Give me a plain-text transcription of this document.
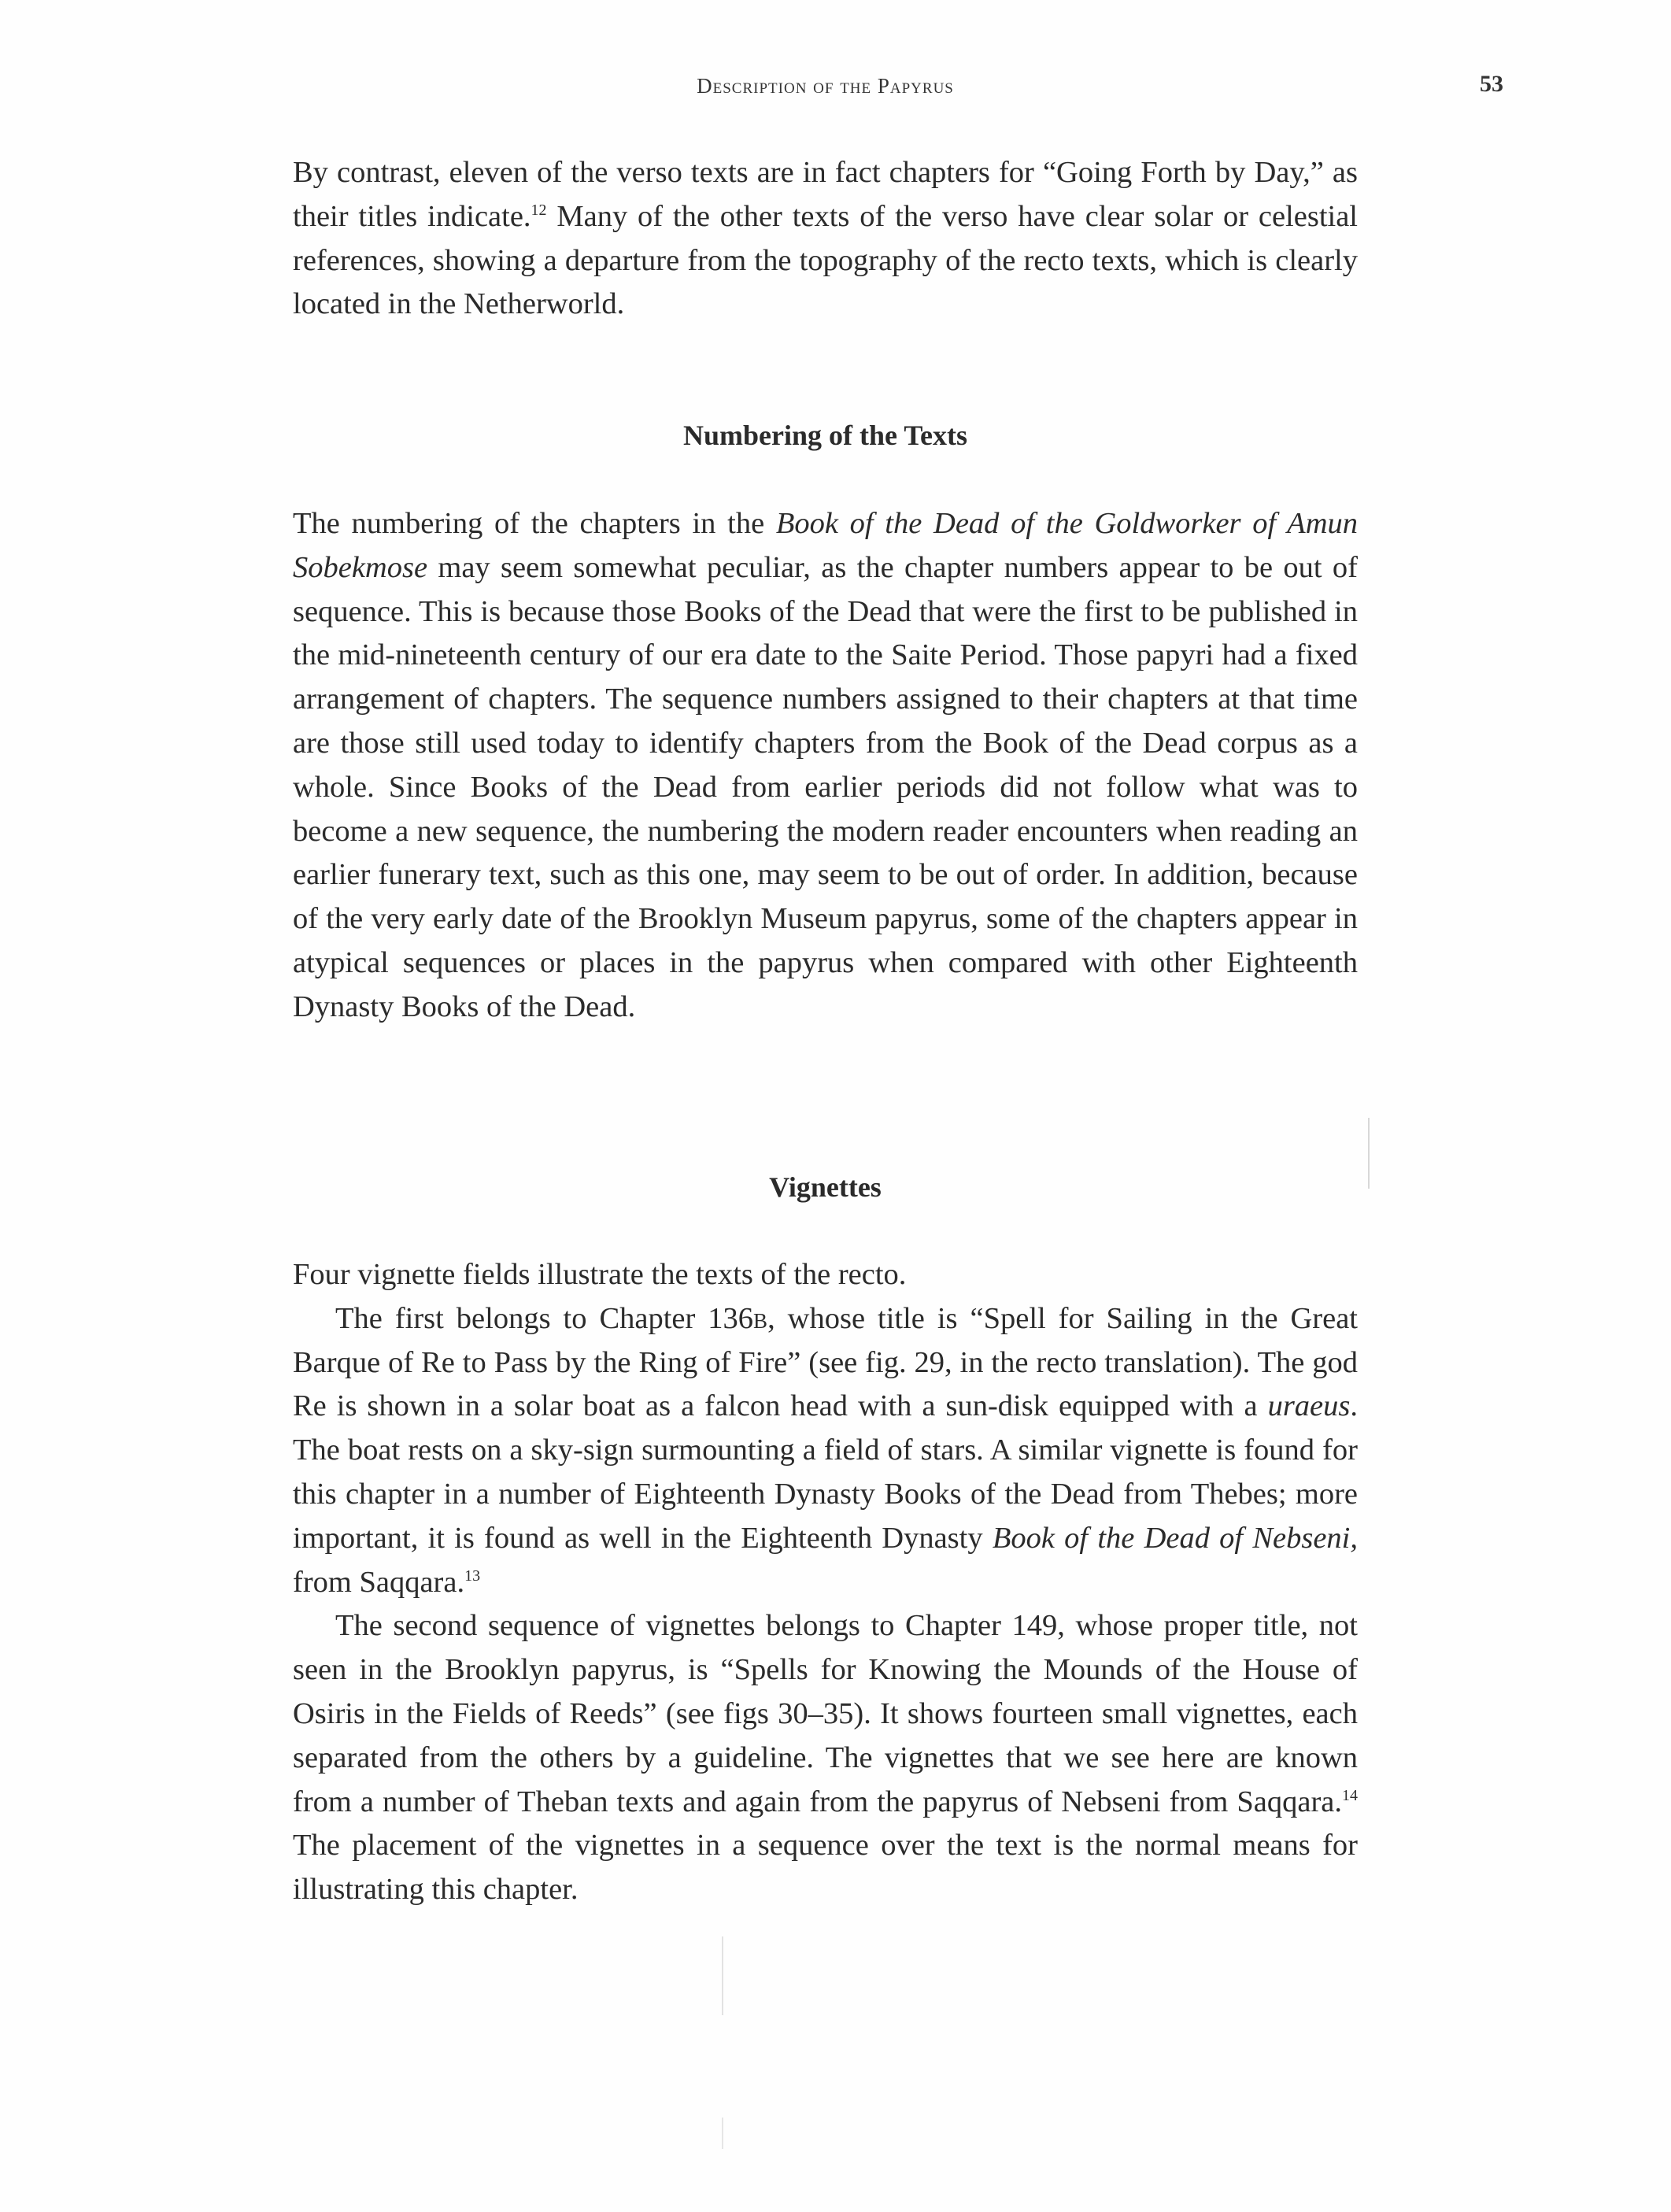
Description of the Papyrus	53

By contrast, eleven of the verso texts are in fact chapters for “Going Forth by Day,” as their titles indicate.$^{12}$ Many of the other texts of the verso have clear solar or celestial references, showing a departure from the topography of the recto texts, which is clearly located in the Netherworld.

Numbering of the Texts

The numbering of the chapters in the Book of the Dead of the Goldworker of Amun Sobekmose may seem somewhat peculiar, as the chapter numbers appear to be out of sequence. This is because those Books of the Dead that were the first to be published in the mid-nineteenth century of our era date to the Saite Period. Those papyri had a fixed arrangement of chapters. The sequence numbers assigned to their chapters at that time are those still used today to identify chapters from the Book of the Dead corpus as a whole. Since Books of the Dead from earlier periods did not follow what was to become a new sequence, the numbering the modern reader encounters when reading an earlier funerary text, such as this one, may seem to be out of order. In addition, because of the very early date of the Brooklyn Museum papyrus, some of the chapters appear in atypical sequences or places in the papyrus when compared with other Eighteenth Dynasty Books of the Dead.

Vignettes

Four vignette fields illustrate the texts of the recto.

The first belongs to Chapter 136b, whose title is “Spell for Sailing in the Great Barque of Re to Pass by the Ring of Fire” (see fig. 29, in the recto translation). The god Re is shown in a solar boat as a falcon head with a sun-disk equipped with a uraeus. The boat rests on a sky-sign surmounting a field of stars. A similar vignette is found for this chapter in a number of Eighteenth Dynasty Books of the Dead from Thebes; more important, it is found as well in the Eighteenth Dynasty Book of the Dead of Nebseni, from Saqqara.$^{13}$

The second sequence of vignettes belongs to Chapter 149, whose proper title, not seen in the Brooklyn papyrus, is “Spells for Knowing the Mounds of the House of Osiris in the Fields of Reeds” (see figs 30–35). It shows fourteen small vignettes, each separated from the others by a guideline. The vignettes that we see here are known from a number of Theban texts and again from the papyrus of Nebseni from Saqqara.$^{14}$ The placement of the vignettes in a sequence over the text is the normal means for illustrating this chapter.
